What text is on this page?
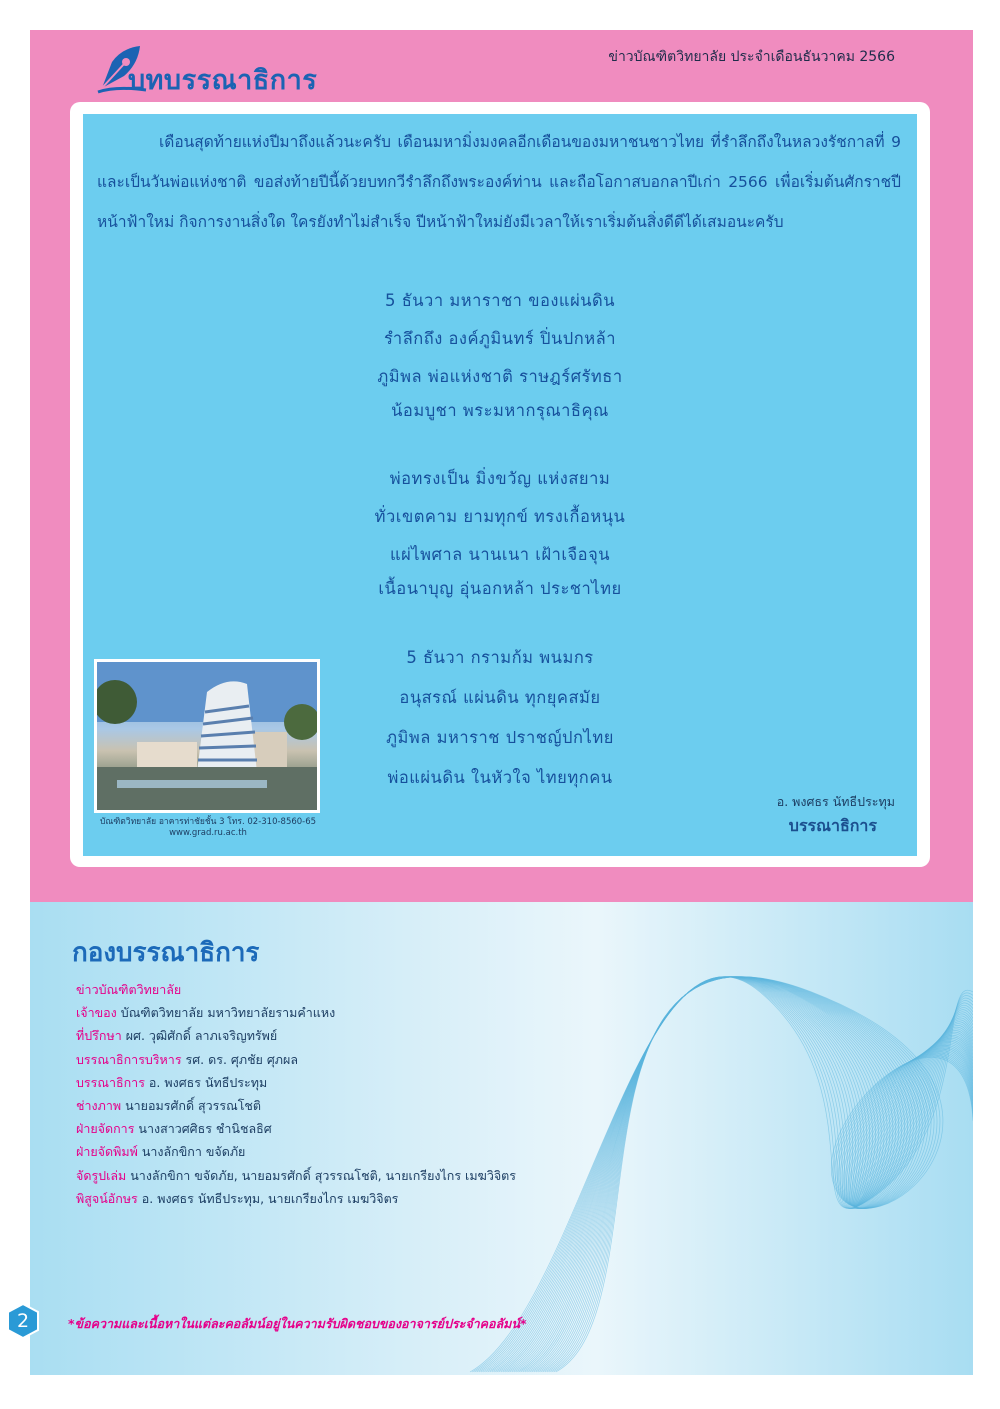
บทบรรณาธิการ
ข่าวบัณฑิตวิทยาลัย ประจำเดือนธันวาคม 2566

เดือนสุดท้ายแห่งปีมาถึงแล้วนะครับ เดือนมหามิ่งมงคลอีกเดือนของมหาชนชาวไทย ที่รำลึกถึงในหลวงรัชกาลที่ 9 และเป็นวันพ่อแห่งชาติ ขอส่งท้ายปีนี้ด้วยบทกวีรำลึกถึงพระองค์ท่าน และถือโอกาสบอกลาปีเก่า 2566 เพื่อเริ่มต้นศักราชปีหน้าฟ้าใหม่ กิจการงานสิ่งใด ใครยังทำไม่สำเร็จ ปีหน้าฟ้าใหม่ยังมีเวลาให้เราเริ่มต้นสิ่งดีดีได้เสมอนะครับ

5 ธันวา มหาราชา ของแผ่นดิน

รำลึกถึง องค์ภูมินทร์ ปิ่นปกหล้า

ภูมิพล พ่อแห่งชาติ ราษฎร์ศรัทธา

น้อมบูชา พระมหากรุณาธิคุณ

พ่อทรงเป็น มิ่งขวัญ แห่งสยาม

ทั่วเขตคาม ยามทุกข์ ทรงเกื้อหนุน

แผ่ไพศาล นานเนา เฝ้าเจือจุน

เนื้อนาบุญ อุ่นอกหล้า ประชาไทย

5 ธันวา กรามก้ม พนมกร

อนุสรณ์ แผ่นดิน ทุกยุคสมัย

ภูมิพล มหาราช ปราชญ์ปกไทย

พ่อแผ่นดิน ในหัวใจ ไทยทุกคน

บัณฑิตวิทยาลัย อาคารท่าชัยชั้น 3 โทร. 02-310-8560-65
www.grad.ru.ac.th
อ. พงศธร นัทธีประทุม
บรรณาธิการ
กองบรรณาธิการ
ข่าวบัณฑิตวิทยาลัย
เจ้าของ บัณฑิตวิทยาลัย มหาวิทยาลัยรามคำแหง
ที่ปรึกษา ผศ. วุฒิศักดิ์ ลาภเจริญทรัพย์
บรรณาธิการบริหาร รศ. ดร. ศุภชัย ศุภผล
บรรณาธิการ อ. พงศธร นัทธีประทุม
ช่างภาพ นายอมรศักดิ์ สุวรรณโชติ
ฝ่ายจัดการ นางสาวศศิธร ชำนิชลธิศ
ฝ่ายจัดพิมพ์ นางลักขิกา ขจัดภัย
จัดรูปเล่ม นางลักขิกา ขจัดภัย, นายอมรศักดิ์ สุวรรณโชติ, นายเกรียงไกร เมฆวิจิตร
พิสูจน์อักษร อ. พงศธร นัทธีประทุม, นายเกรียงไกร เมฆวิจิตร
2	*ข้อความและเนื้อหาในแต่ละคอลัมน์อยู่ในความรับผิดชอบของอาจารย์ประจำคอลัมน์*
